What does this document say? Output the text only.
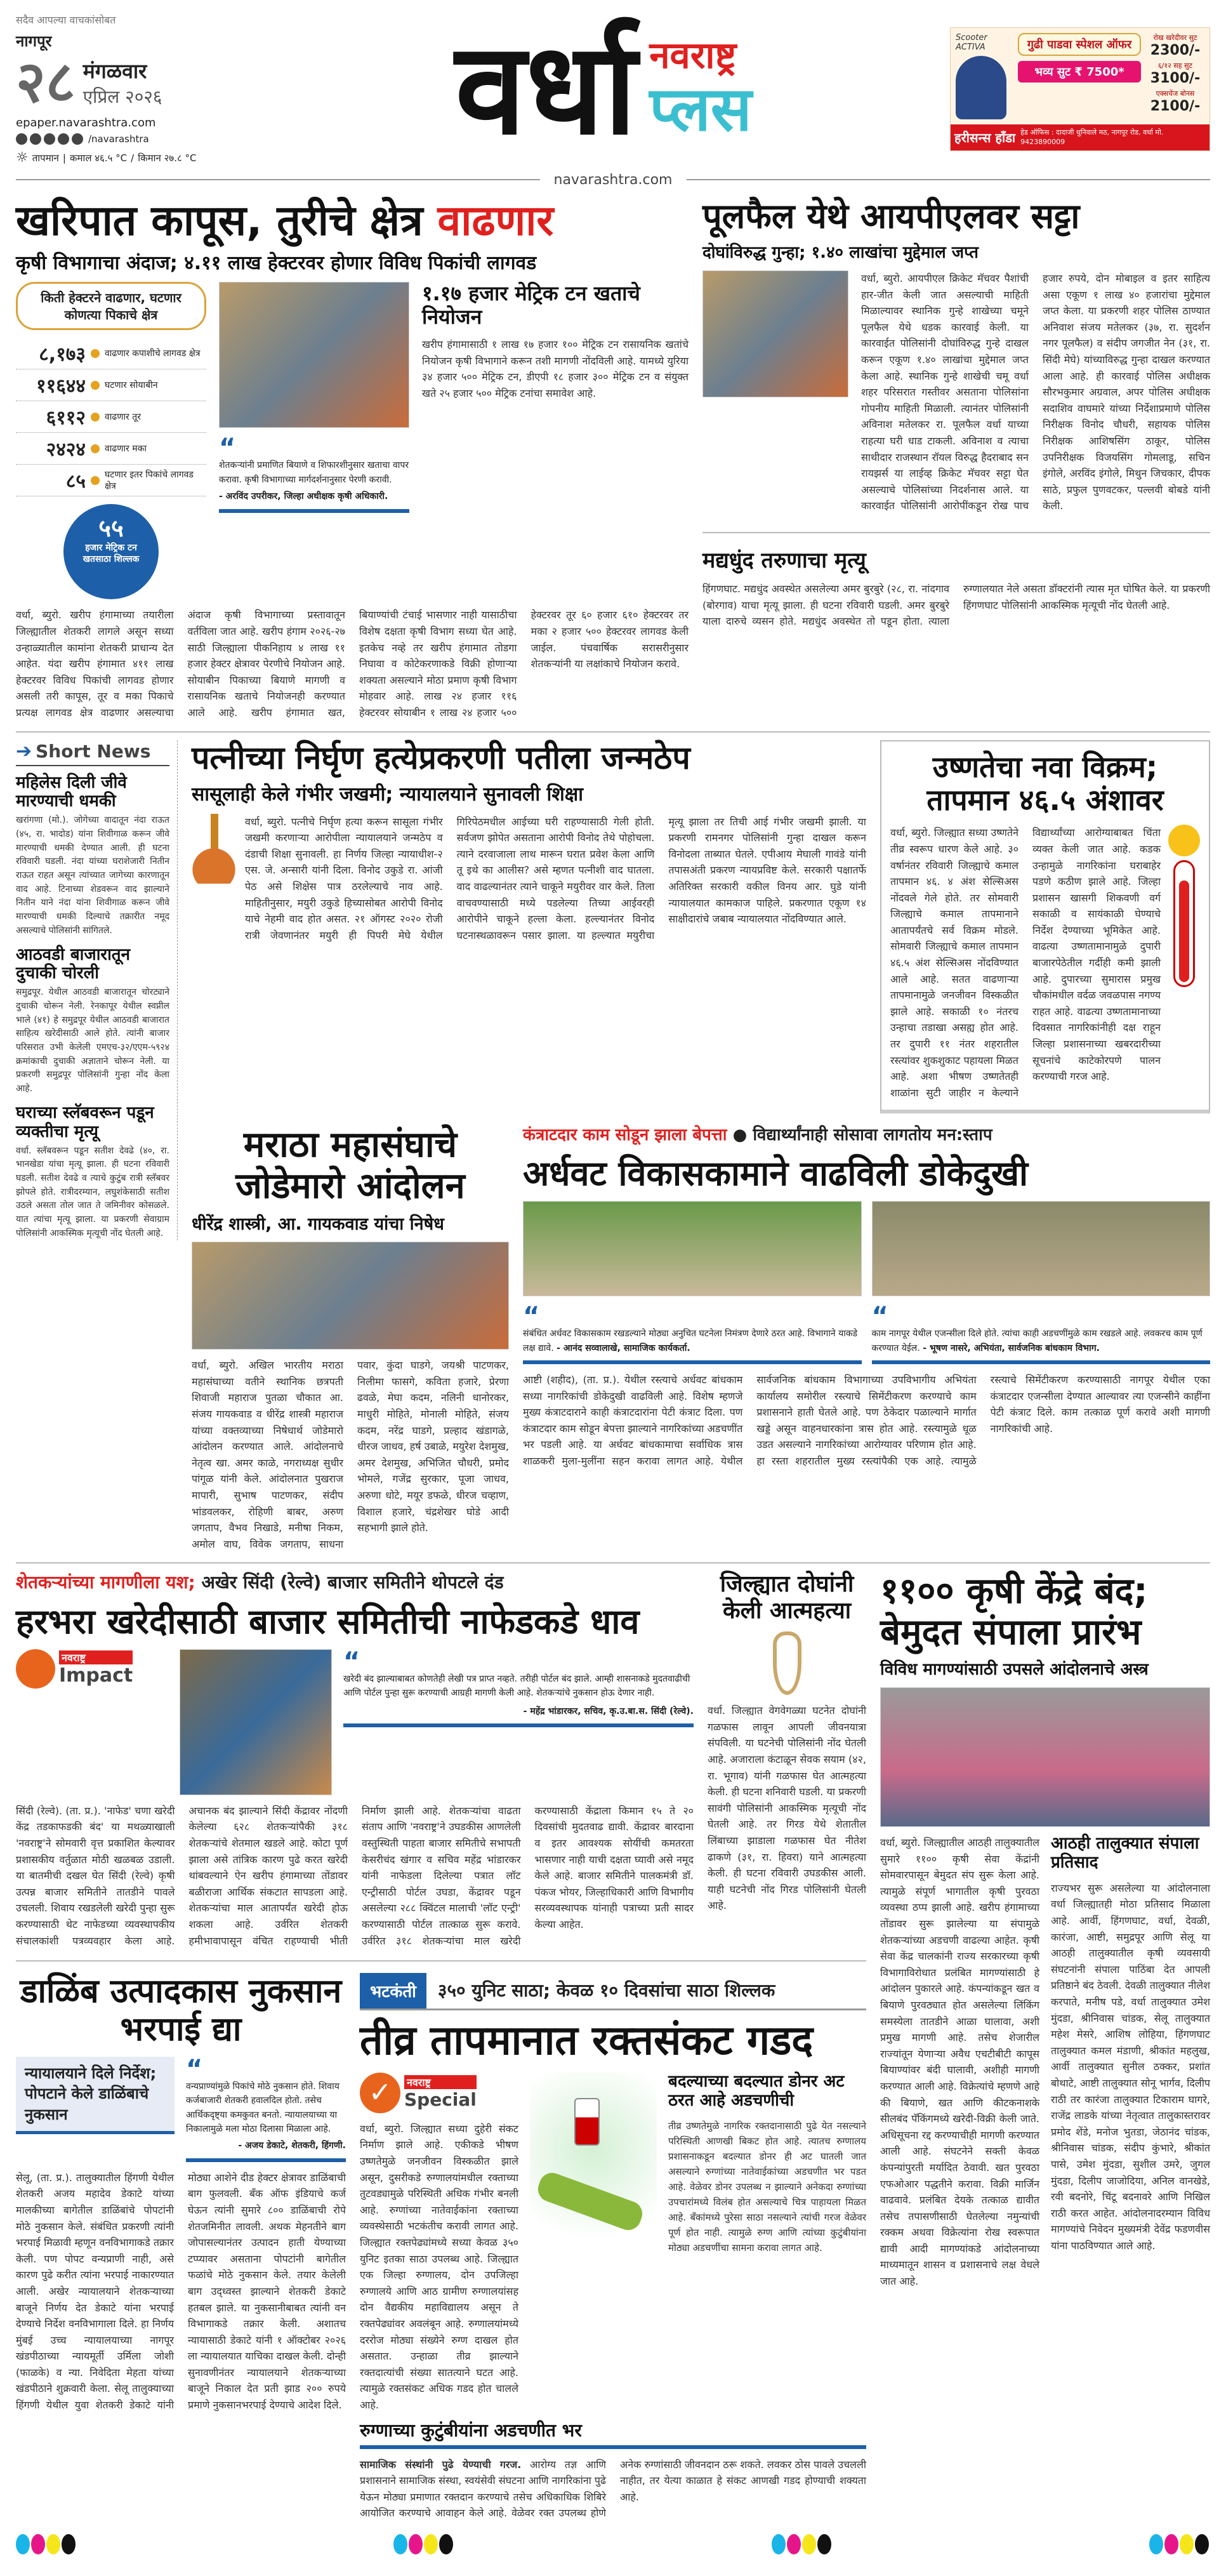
सदैव आपल्या वाचकांसोबत
नागपूर
२८ मंगळवार
एप्रिल २०२६
epaper.navarashtra.com
/navarashtra
☼ तापमान | कमाल ४६.५ °C / किमान २७.८ °C वर्धा नवराष्ट्र
प्लस
Scooter ACTIVA	गुढी पाडवा स्पेशल ऑफर
भव्य सुट ₹ 7500*
रोख खरेदीवर सुट
2300/-
६/१२ सह सुट
3100/-
एक्सचेंज बोनस
2100/-
हरीसन्स हॉंडा हेड ऑफिस : दादाजी धुनिवाले मठ, नागपूर रोड, वर्धा मो. 9423890009
navarashtra.com
खरिपात कापूस, तुरीचे क्षेत्र वाढणार
कृषी विभागाचा अंदाज; ४.११ लाख हेक्टरवर होणार विविध पिकांची लागवड
किती हेक्टरने वाढणार, घटणार कोणत्या पिकाचे क्षेत्र
८,१७३ वाढणार कपाशीचे लागवड क्षेत्र
११६४४ घटणार सोयाबीन
६११२ वाढणार तूर
२४२४ वाढणार मका
८५ घटणार इतर पिकांचे लागवड क्षेत्र
५५
हजार मेट्रिक टन खतसाठा शिल्लक
“
शेतकऱ्यांनी प्रमाणित बियाणे व शिफारशीनुसार खताचा वापर करावा. कृषी विभागाच्या मार्गदर्शनानुसार पेरणी करावी.
- अरविंद उपरीकर, जिल्हा अधीक्षक कृषी अधिकारी.
१.१७ हजार मेट्रिक टन खताचे नियोजन
खरीप हंगामासाठी १ लाख १७ हजार १०० मेट्रिक टन रासायनिक खतांचे नियोजन कृषी विभागाने करून तशी मागणी नोंदविली आहे. यामध्ये युरिया ३४ हजार ५०० मेट्रिक टन, डीएपी १८ हजार ३०० मेट्रिक टन व संयुक्त खते २५ हजार ५०० मेट्रिक टनांचा समावेश आहे.
वर्धा, ब्युरो. खरीप हंगामाच्या तयारीला जिल्ह्यातील शेतकरी लागले असून सध्या उन्हाळ्यातील कामांना शेतकरी प्राधान्य देत आहेत. यंदा खरीप हंगामात ४११ लाख हेक्टरवर विविध पिकांची लागवड होणार असली तरी कापूस, तूर व मका पिकाचे प्रत्यक्ष लागवड क्षेत्र वाढणार असल्याचा अंदाज कृषी विभागाच्या प्रस्तावातून वर्तविला जात आहे. खरीप हंगाम २०२६-२७ साठी जिल्ह्याला पीकनिहाय ४ लाख ११ हजार हेक्टर क्षेत्रावर पेरणीचे नियोजन आहे. सोयाबीन पिकाच्या बियाणे मागणी व रासायनिक खताचे नियोजनही करण्यात आले आहे. खरीप हंगामात खत, बियाण्यांची टंचाई भासणार नाही यासाठीचा विशेष दक्षता कृषी विभाग सध्या घेत आहे. इतकेच नव्हे तर खरीप हंगामात तोडगा निघावा व कोटेकरणाकडे विक्री होणाऱ्या शक्यता असल्याने मोठा प्रमाण कृषी विभाग मोहवार आहे. लाख २४ हजार ११६ हेक्टरवर सोयाबीन १ लाख २४ हजार ५०० हेक्टरवर तूर ६० हजार ६१० हेक्टरवर तर मका २ हजार ५०० हेक्टरवर लागवड केली जाईल. पंचवार्षिक सरासरीनुसार शेतकऱ्यांनी या लक्षांकाचे नियोजन करावे.
पूलफैल येथे आयपीएलवर सट्टा
दोघांविरुद्ध गुन्हा; १.४० लाखांचा मुद्देमाल जप्त
वर्धा, ब्युरो. आयपीएल क्रिकेट मॅचवर पैशांची हार-जीत केली जात असल्याची माहिती मिळाल्यावर स्थानिक गुन्हे शाखेच्या चमूने पूलफैल येथे धडक कारवाई केली. या कारवाईत पोलिसांनी दोघांविरुद्ध गुन्हे दाखल करून एकूण १.४० लाखांचा मुद्देमाल जप्त केला आहे. स्थानिक गुन्हे शाखेची चमू वर्धा शहर परिसरात गस्तीवर असताना पोलिसांना गोपनीय माहिती मिळाली. त्यानंतर पोलिसांनी अविनाश मतेलकर रा. पूलफैल वर्धा याच्या राहत्या घरी धाड टाकली. अविनाश व त्याचा साथीदार राजस्थान रॉयल विरुद्ध हैदराबाद सन रायझर्स या लाईव्ह क्रिकेट मॅचवर सट्टा घेत असल्याचे पोलिसांच्या निदर्शनास आले. या कारवाईत पोलिसांनी आरोपींकडून रोख पाच हजार रुपये, दोन मोबाइल व इतर साहित्य असा एकूण १ लाख ४० हजारांचा मुद्देमाल जप्त केला. या प्रकरणी शहर पोलिस ठाण्यात अनिवाश संजय मतेलकर (३७, रा. सुदर्शन नगर पूलफैल) व संदीप जगजीत नेन (३१, रा. सिंदी मेघे) यांच्याविरुद्ध गुन्हा दाखल करण्यात आला आहे. ही कारवाई पोलिस अधीक्षक सौरभकुमार अग्रवाल, अपर पोलिस अधीक्षक सदाशिव वाघमारे यांच्या निर्देशाप्रमाणे पोलिस निरीक्षक विनोद चौधरी, सहायक पोलिस निरीक्षक आशिषसिंग ठाकूर, पोलिस उपनिरीक्षक विजयसिंग गोमलाडू, सचिन इंगोले, अरविंद इंगोले, मिथुन जिचकार, दीपक साठे, प्रफुल पुणवटकर, पल्लवी बोबडे यांनी केली.
मद्यधुंद तरुणाचा मृत्यू
हिंगणघाट. मद्यधुंद अवस्थेत असलेल्या अमर बुरबुरे (२८, रा. नांदगाव (बोरगाव) याचा मृत्यू झाला. ही घटना रविवारी घडली. अमर बुरबुरे याला दारुचे व्यसन होते. मद्यधुंद अवस्थेत तो पडून होता. त्याला रुग्णालयात नेले असता डॉक्टरांनी त्यास मृत घोषित केले. या प्रकरणी हिंगणघाट पोलिसांनी आकस्मिक मृत्यूची नोंद घेतली आहे.
➔ Short News
महिलेस दिली जीवे मारण्याची धमकी
खरांगणा (मो.). जोगेच्या वादातून नंदा राऊत (४५, रा. भादोड) यांना शिवीगाळ करून जीवे मारण्याची धमकी देण्यात आली. ही घटना रविवारी घडली. नंदा यांच्या घराशेजारी नितीन राऊत राहत असून त्यांच्यात जागेच्या कारणातून वाद आहे. टिनाच्या शेडवरून वाद झाल्याने नितीन याने नंदा यांना शिवीगाळ करून जीवे मारण्याची धमकी दिल्याचे तक्रारीत नमूद असल्याचे पोलिसांनी सांगितले.
आठवडी बाजारातून दुचाकी चोरली
समुद्रपूर. येथील आठवडी बाजारातून चोरट्याने दुचाकी चोरून नेली. रेनकापूर येथील स्वप्नील भाले (४१) हे समुद्रपूर येथील आठवडी बाजारात साहित्य खरेदीसाठी आले होते. त्यांनी बाजार परिसरात उभी केलेली एमएच-३२/एएम-५९२४ क्रमांकाची दुचाकी अज्ञाताने चोरून नेली. या प्रकरणी समुद्रपूर पोलिसांनी गुन्हा नोंद केला आहे.
घराच्या स्लॅबवरून पडून व्यक्तीचा मृत्यू
वर्धा. स्लॅबवरून पडून सतीश देवढे (४०, रा. भानखेडा यांचा मृत्यू झाला. ही घटना रविवारी घडली. सतीश देवढे व त्याचे कुटुंब रात्री स्लॅबवर झोपले होते. रात्रीदरम्यान, लघुशंकेसाठी सतीश उठले असता तोल जात ते जमिनीवर कोसळले. यात त्यांचा मृत्यू झाला. या प्रकरणी सेवाग्राम पोलिसांनी आकस्मिक मृत्यूची नोंद घेतली आहे.
पत्नीच्या निर्घृण हत्येप्रकरणी पतीला जन्मठेप
सासूलाही केले गंभीर जखमी; न्यायालयाने सुनावली शिक्षा
वर्धा, ब्युरो. पत्नीचे निर्घृण हत्या करून सासूला गंभीर जखमी करणाऱ्या आरोपीला न्यायालयाने जन्मठेप व दंडाची शिक्षा सुनावली. हा निर्णय जिल्हा न्यायाधीश-२ एस. जे. अन्सारी यांनी दिला. विनोद उकुडे रा. आंजी पेठ असे शिक्षेस पात्र ठरलेल्याचे नाव आहे. माहितीनुसार, मयुरी उकुडे हिच्यासोबत आरोपी विनोद याचे नेहमी वाद होत असत. २१ ऑगस्ट २०२० रोजी रात्री जेवणानंतर मयुरी ही पिपरी मेघे येथील गिरिपेठमधील आईच्या घरी राहण्यासाठी गेली होती. सर्वजण झोपेत असताना आरोपी विनोद तेथे पोहोचला. त्याने दरवाजाला लाथ मारून घरात प्रवेश केला आणि तू इथे का आलीस? असे म्हणत पत्नीशी वाद घातला. वाद वाढल्यानंतर त्याने चाकूने मयुरीवर वार केले. तिला वाचवण्यासाठी मध्ये पडलेल्या तिच्या आईवरही आरोपीने चाकूने हल्ला केला. हल्ल्यानंतर विनोद घटनास्थळावरून पसार झाला. या हल्ल्यात मयुरीचा मृत्यू झाला तर तिची आई गंभीर जखमी झाली. या प्रकरणी रामनगर पोलिसांनी गुन्हा दाखल करून विनोदला ताब्यात घेतले. एपीआय मेघाली गावंडे यांनी तपासअंती प्रकरण न्यायप्रविष्ट केले. सरकारी पक्षातर्फे अतिरिक्त सरकारी वकील विनय आर. घुडे यांनी न्यायालयात कामकाज पाहिले. प्रकरणात एकूण १४ साक्षीदारांचे जबाब न्यायालयात नोंदविण्यात आले.
उष्णतेचा नवा विक्रम; तापमान ४६.५ अंशावर
वर्धा, ब्युरो. जिल्ह्यात सध्या उष्णतेने तीव्र स्वरूप धारण केले आहे. ३० वर्षानंतर रविवारी जिल्ह्याचे कमाल तापमान ४६. ४ अंश सेल्सिअस नोंदवले गेले होते. तर सोमवारी जिल्ह्याचे कमाल तापमानाने आतापर्यंतचे सर्व विक्रम मोडले. सोमवारी जिल्ह्याचे कमाल तापमान ४६.५ अंश सेल्सिअस नोंदविण्यात आले आहे. सतत वाढणाऱ्या तापमानामुळे जनजीवन विस्कळीत झाले आहे. सकाळी १० नंतरच उन्हाचा तडाखा असह्य होत आहे. तर दुपारी ११ नंतर शहरातील रस्त्यांवर शुकशुकाट पहायला मिळत आहे. अशा भीषण उष्णतेतही शाळांना सुटी जाहीर न केल्याने विद्यार्थ्यांच्या आरोग्याबाबत चिंता व्यक्त केली जात आहे. कडक उन्हामुळे नागरिकांना घराबाहेर पडणे कठीण झाले आहे. जिल्हा प्रशासन खासगी शिकवणी वर्ग सकाळी व सायंकाळी घेण्याचे निर्देश देण्याच्या भूमिकेत आहे. वाढत्या उष्णतामानामुळे दुपारी बाजारपेठेतील गर्दीही कमी झाली आहे. दुपारच्या सुमारास प्रमुख चौकांमधील वर्दळ जवळपास नगण्य राहत आहे. वाढत्या उष्णतामानाच्या दिवसात नागरिकांनीही दक्ष राहून जिल्हा प्रशासनाच्या खबरदारीच्या सूचनांचे काटेकोरपणे पालन करण्याची गरज आहे.
मराठा महासंघाचे जोडेमारो आंदोलन
धीरेंद्र शास्त्री, आ. गायकवाड यांचा निषेध
वर्धा, ब्युरो. अखिल भारतीय मराठा महासंघाच्या वतीने स्थानिक छत्रपती शिवाजी महाराज पुतळा चौकात आ. संजय गायकवाड व धीरेंद्र शास्त्री महाराज यांच्या वक्तव्याच्या निषेधार्थ जोडेमारो आंदोलन करण्यात आले. आंदोलनाचे नेतृत्व खा. अमर काळे, नगराध्यक्ष सुधीर पांगूळ यांनी केले. आंदोलनात पुखराज मापारी, सुभाष पाटणकर, संदीप भांडवलकर, रोहिणी बाबर, अरुण जगताप, वैभव निखाडे, मनीषा निकम, अमोल वाघ, विवेक जगताप, साधना पवार, कुंदा घाडगे, जयश्री पाटणकर, निलीमा फासगे, कविता हजारे, प्रेरणा ढवळे, मेघा कदम, नलिनी धानोरकर, माधुरी मोहिते, मोनाली मोहिते, संजय कदम, नरेंद्र घाडगे, प्रल्हाद खंडागळे, धीरज जाधव, हर्ष उबाळे, मयुरेश देशमुख, अमर देशमुख, अभिजित चौधरी, प्रमोद भोमले, गजेंद्र सुरकार, पूजा जाधव, अरुणा धोटे, मयूर डफळे, धीरज चव्हाण, विशाल हजारे, चंद्रशेखर घोडे आदी सहभागी झाले होते.
कंत्राटदार काम सोडून झाला बेपत्ता ● विद्यार्थ्यांनाही सोसावा लागतोय मन:स्ताप
अर्धवट विकासकामाने वाढविली डोकेदुखी
“
संबंधित अर्धवट विकासकाम रखडल्याने मोठ्या अनुचित घटनेला निमंत्रण देणारे ठरत आहे. विभागाने याकडे लक्ष द्यावे. - आनंद सव्वालाखे, सामाजिक कार्यकर्ता.
“
काम नागपूर येथील एजन्सीला दिले होते. त्यांचा काही अडचणींमुळे काम रखडले आहे. लवकरच काम पूर्ण करण्यात येईल. - भूषण नासरे, अभियंता, सार्वजनिक बांधकाम विभाग.
आष्टी (शहीद), (ता. प्र.). येथील रस्त्याचे अर्धवट बांधकाम सध्या नागरिकांची डोकेदुखी वाढविली आहे. विशेष म्हणजे मुख्य कंत्राटदाराने काही कंत्राटदारांना पेटी कंत्राट दिला. पण कंत्राटदार काम सोडून बेपत्ता झाल्याने नागरिकांच्या अडचणींत भर पडली आहे. या अर्धवट बांधकामाचा सर्वाधिक त्रास शाळकरी मुला-मुलींना सहन करावा लागत आहे. येथील सार्वजनिक बांधकाम विभागाच्या उपविभागीय अभियंता कार्यालय समोरील रस्त्याचे सिमेंटीकरण करण्याचे काम प्रशासनाने हाती घेतले आहे. पण ठेकेदार पळाल्याने मार्गात खड्डे असून वाहनधारकांना त्रास होत आहे. रस्त्यामुळे धूळ उडत असल्याने नागरिकांच्या आरोग्यावर परिणाम होत आहे. हा रस्ता शहरातील मुख्य रस्त्यांपैकी एक आहे. त्यामुळे रस्त्याचे सिमेंटीकरण करण्यासाठी नागपूर येथील एका कंत्राटदार एजन्सीला देण्यात आल्यावर त्या एजन्सीने काहींना पेटी कंत्राट दिले. काम तत्काळ पूर्ण करावे अशी मागणी नागरिकांची आहे.
शेतकऱ्यांच्या मागणीला यश; अखेर सिंदी (रेल्वे) बाजार समितीने थोपटले दंड
हरभरा खरेदीसाठी बाजार समितीची नाफेडकडे धाव
नवराष्ट्र
Impact	“
खरेदी बंद झाल्याबाबत कोणतेही लेखी पत्र प्राप्त नव्हते. तरीही पोर्टल बंद झाले. आम्ही शासनाकडे मुदतवाढीची आणि पोर्टल पुन्हा सुरू करण्याची आग्रही मागणी केली आहे. शेतकऱ्यांचे नुकसान होऊ देणार नाही.
- महेंद्र भांडारकर, सचिव, कृ.उ.बा.स. सिंदी (रेल्वे).
सिंदी (रेल्वे). (ता. प्र.). 'नाफेड' चणा खरेदी केंद्र तडकाफडकी बंद' या मथळ्याखाली 'नवराष्ट्र'ने सोमवारी वृत्त प्रकाशित केल्यावर प्रशासकीय वर्तुळात मोठी खळबळ उडाली. या बातमीची दखल घेत सिंदी (रेल्वे) कृषी उत्पन्न बाजार समितीने तातडीने पावले उचलली. शिवाय रखडलेली खरेदी पुन्हा सुरू करण्यासाठी थेट नाफेडच्या व्यवस्थापकीय संचालकांशी पत्रव्यवहार केला आहे. अचानक बंद झाल्याने सिंदी केंद्रावर नोंदणी केलेल्या ६२८ शेतकऱ्यांपैकी ३१८ शेतकऱ्यांचे शेतमाल खडले आहे. कोटा पूर्ण झाला असे तांत्रिक कारण पुढे करत खरेदी थांबवल्याने ऐन खरीप हंगामाच्या तोंडावर बळीराजा आर्थिक संकटात सापडला आहे. शेतकऱ्यांचा माल आतापर्यंत खरेदी होऊ शकला आहे. उर्वरित शेतकरी हमीभावापासून वंचित राहण्याची भीती निर्माण झाली आहे. शेतकऱ्यांचा वाढता संताप आणि 'नवराष्ट्र'ने उघडकीस आणलेली वस्तुस्थिती पाहता बाजार समितीचे सभापती केसरीचंद खंगार व सचिव महेंद्र भांडारकर यांनी नाफेडला दिलेल्या पत्रात लॉट एन्ट्रीसाठी पोर्टल उघडा, केंद्रावर पडून असलेल्या २८८ क्विंटल मालाची 'लॉट एन्ट्री' करण्यासाठी पोर्टल तात्काळ सुरू करावे. उर्वरित ३१८ शेतकऱ्यांचा माल खरेदी करण्यासाठी केंद्राला किमान १५ ते २० दिवसांची मुदतवाढ द्यावी. केंद्रावर बारदाना व इतर आवश्यक सोयींची कमतरता भासणार नाही याची दक्षता घ्यावी असे नमूद केले आहे. बाजार समितीने पालकमंत्री डॉ. पंकज भोयर, जिल्हाधिकारी आणि विभागीय सरव्यवस्थापक यांनाही पत्राच्या प्रती सादर केल्या आहेत.
जिल्ह्यात दोघांनी केली आत्महत्या
वर्धा. जिल्ह्यात वेगवेगळ्या घटनेत दोघांनी गळफास लावून आपली जीवनयात्रा संपविली. या घटनेची पोलिसांनी नोंद घेतली आहे. अजाराला कंटाळून सेवक सयाम (४२, रा. भूगाव) यांनी गळफास घेत आत्महत्या केली. ही घटना शनिवारी घडली. या प्रकरणी सावंगी पोलिसांनी आकस्मिक मृत्यूची नोंद घेतली आहे. तर गिरड येथे शेतातील लिंबाच्या झाडाला गळफास घेत नीतेश ढाकणे (३१, रा. हिवरा) याने आत्महत्या केली. ही घटना रविवारी उघडकीस आली. याही घटनेची नोंद गिरड पोलिसांनी घेतली आहे.
डाळिंब उत्पादकास नुकसान भरपाई द्या
न्यायालयाने दिले निर्देश; पोपटाने केले डाळिंबाचे नुकसान
“
वन्यप्राण्यांमुळे पिकांचे मोठे नुकसान होते. शिवाय कर्जबाजारी शेतकरी हवालदिल होतो. तसेच आर्थिकदृष्ट्या कमकुवत बनतो. न्यायालयाच्या या निकालामुळे मला मोठा दिलासा मिळाला आहे.
- अजय डेकाटे, शेतकरी, हिंगणी.
सेलू, (ता. प्र.). तालुक्यातील हिंगणी येथील शेतकरी अजय महादेव डेकाटे यांच्या मालकीच्या बागेतील डाळिंबांचे पोपटांनी मोठे नुकसान केले. संबंधित प्रकरणी त्यांनी भरपाई मिळावी म्हणून वनविभागाकडे तक्रार केली. पण पोपट वन्यप्राणी नाही, असे कारण पुढे करीत त्यांना भरपाई नाकारण्यात आली. अखेर न्यायालयाने शेतकऱ्याच्या बाजूने निर्णय देत डेकाटे यांना भरपाई देण्याचे निर्देश वनविभागाला दिले. हा निर्णय मुंबई उच्च न्यायालयाच्या नागपूर खंडपीठाच्या न्यायमूर्ती उर्मिला जोशी (फाळके) व न्या. निवेदिता मेहता यांच्या खंडपीठाने शुक्रवारी केला. सेलू तालुक्याच्या हिंगणी येथील युवा शेतकरी डेकाटे यांनी मोठ्या आशेने दीड हेक्टर क्षेत्रावर डाळिंबाची बाग फुलवली. बँक ऑफ इंडियाचे कर्ज घेऊन त्यांनी सुमारे ८०० डाळिंबाची रोपे शेतजमिनीत लावली. अथक मेहनतीने बाग जोपासल्यानंतर उत्पादन हाती येण्याच्या टप्प्यावर असताना पोपटांनी बागेतील फळांचे मोठे नुकसान केले. तयार केलेली बाग उद्ध्वस्त झाल्याने शेतकरी डेकाटे हतबल झाले. या नुकसानीबाबत त्यांनी वन विभागाकडे तक्रार केली. अशातच न्यायासाठी डेकाटे यांनी १ ऑक्टोबर २०२६ ला न्यायालयात याचिका दाखल केली. दोन्ही सुनावणीनंतर न्यायालयाने शेतकऱ्याच्या बाजूने निकाल देत प्रती झाड २०० रुपये प्रमाणे नुकसानभरपाई देण्याचे आदेश दिले.
भटकंती	३५० युनिट साठा; केवळ १० दिवसांचा साठा शिल्लक
तीव्र तापमानात रक्तसंकट गडद
✓	नवराष्ट्र
Special
वर्धा, ब्युरो. जिल्ह्यात सध्या दुहेरी संकट निर्माण झाले आहे. एकीकडे भीषण उष्णतेमुळे जनजीवन विस्कळीत झाले असून, दुसरीकडे रुग्णालयांमधील रक्ताच्या तुटवड्यामुळे परिस्थिती अधिक गंभीर बनली आहे. रुग्णांच्या नातेवाईकांना रक्ताच्या व्यवस्थेसाठी भटकंतीच करावी लागत आहे. जिल्ह्यात रक्तपेढ्यांमध्ये सध्या केवळ ३५० युनिट इतका साठा उपलब्ध आहे. जिल्ह्यात एक जिल्हा रुग्णालय, दोन उपजिल्हा रुग्णालये आणि आठ ग्रामीण रुग्णालयांसह दोन वैद्यकीय महाविद्यालय असून ते रक्तपेढ्यांवर अवलंबून आहे. रुग्णालयांमध्ये दररोज मोठ्या संख्येने रुग्ण दाखल होत असतात. उन्हाळा तीव्र झाल्याने रक्तदात्यांची संख्या सातत्याने घटत आहे. त्यामुळे रक्तसंकट अधिक गडद होत चालले आहे.
बदल्याच्या बदल्यात डोनर अट ठरत आहे अडचणीची
तीव्र उष्णतेमुळे नागरिक रक्तदानासाठी पुढे येत नसल्याने परिस्थिती आणखी बिकट होत आहे. त्यातच रुग्णालय प्रशासनाकडून बदल्यात डोनर ही अट घातली जात असल्याने रुग्णांच्या नातेवाईकांच्या अडचणीत भर पडत आहे. वेळेवर डोनर उपलब्ध न झाल्याने अनेकदा रुग्णांच्या उपचारांमध्ये विलंब होत असल्याचे चित्र पाहायला मिळत आहे. बँकांमध्ये पुरेसा साठा नसल्याने त्यांची गरज वेळेवर पूर्ण होत नाही. त्यामुळे रुग्ण आणि त्यांच्या कुटुंबीयांना मोठ्या अडचणींचा सामना करावा लागत आहे.
रुग्णाच्या कुटुंबीयांना अडचणीत भर
सामाजिक संस्थांनी पुढे येण्याची गरज. आरोग्य तज्ञ आणि प्रशासनाने सामाजिक संस्था, स्वयंसेवी संघटना आणि नागरिकांना पुढे येऊन मोठ्या प्रमाणात रक्तदान करण्याचे तसेच अधिकाधिक शिबिरे आयोजित करण्याचे आवाहन केले आहे. वेळेवर रक्त उपलब्ध होणे अनेक रुग्णांसाठी जीवनदान ठरू शकते. लवकर ठोस पावले उचलली नाहीत, तर येत्या काळात हे संकट आणखी गडद होण्याची शक्यता आहे.
११०० कृषी केंद्रे बंद; बेमुदत संपाला प्रारंभ
विविध मागण्यांसाठी उपसले आंदोलनाचे अस्त्र
वर्धा, ब्युरो. जिल्ह्यातील आठही तालुक्यातील सुमारे ११०० कृषी सेवा केंद्रांनी सोमवारपासून बेमुदत संप सुरू केला आहे. त्यामुळे संपूर्ण भागातील कृषी पुरवठा व्यवस्था ठप्प झाली आहे. खरीप हंगामाच्या तोंडावर सुरू झालेल्या या संपामुळे शेतकऱ्यांच्या अडचणी वाढल्या आहेत. कृषी सेवा केंद्र चालकांनी राज्य सरकारच्या कृषी विभागाविरोधात प्रलंबित मागण्यांसाठी हे आंदोलन पुकारले आहे. कंपन्यांकडून खत व बियाणे पुरवठ्यात होत असलेल्या लिंकिंग समस्येला तातडीने आळा घालावा, अशी प्रमुख मागणी आहे. तसेच शेजारील राज्यांतून येणाऱ्या अवैध एचटीबीटी कापूस बियाण्यांवर बंदी घालावी, अशीही मागणी करण्यात आली आहे. विक्रेत्यांचे म्हणणे आहे की बियाणे, खत आणि कीटकनाशके सीलबंद पॅकिंगमध्ये खरेदी-विक्री केली जाते. अधिसूचना रद्द करण्याचीही मागणी करण्यात आली आहे. संघटनेने सक्ती केवळ कंपन्यांपुरती मर्यादित ठेवावी. खत पुरवठा एफओआर पद्धतीने करावा. विक्री मार्जिन वाढवावे. प्रलंबित देयके तत्काळ द्यावीत तसेच तपासणीसाठी घेतलेल्या नमुन्यांची रक्कम अथवा विक्रेत्यांना रोख स्वरूपात द्यावी आदी मागण्यांकडे आंदोलनाच्या माध्यमातून शासन व प्रशासनाचे लक्ष वेधले जात आहे.
आठही तालुक्यात संपाला प्रतिसाद
राज्यभर सुरू असलेल्या या आंदोलनाला वर्धा जिल्ह्यातही मोठा प्रतिसाद मिळाला आहे. आर्वी, हिंगणघाट, वर्धा, देवळी, कारंजा, आष्टी, समुद्रपूर आणि सेलू या आठही तालुक्यातील कृषी व्यवसायी संघटनांनी संपाला पाठिंबा देत आपली प्रतिष्ठाने बंद ठेवली. देवळी तालुक्यात नीलेश करपाते, मनीष पडे, वर्धा तालुक्यात उमेश मुंदडा, श्रीनिवास चांडक, सेलू तालुक्यात महेश मेसरे, आशिष लोहिया, हिंगणघाट तालुक्यात कमल मंडाणी, श्रीकांत महलुख, आर्वी तालुक्यात सुनील ठक्कर, प्रशांत बोथाटे, आष्टी तालुक्यात सोनू भार्गव, दिलीप राठी तर कारंजा तालुक्यात टिकाराम घागरे, राजेंद्र लाडके यांच्या नेतृत्वात तालुकास्तरावर प्रमोद शेंडे, मनोज भुतडा, जेठानंद चांडक, श्रीनिवास चांडक, संदीप कुंभारे, श्रीकांत पासे, उमेश मुंदडा, सुशील उमरे, जुगल मुंदडा, दिलीप जाजोदिया, अनिल वानखेडे, रवी बदनोरे, चिंटू बदनावरे आणि निखिल राठी करत आहेत. आंदोलनादरम्यान विविध मागण्यांचे निवेदन मुख्यमंत्री देवेंद्र फडणवीस यांना पाठविण्यात आले आहे.
